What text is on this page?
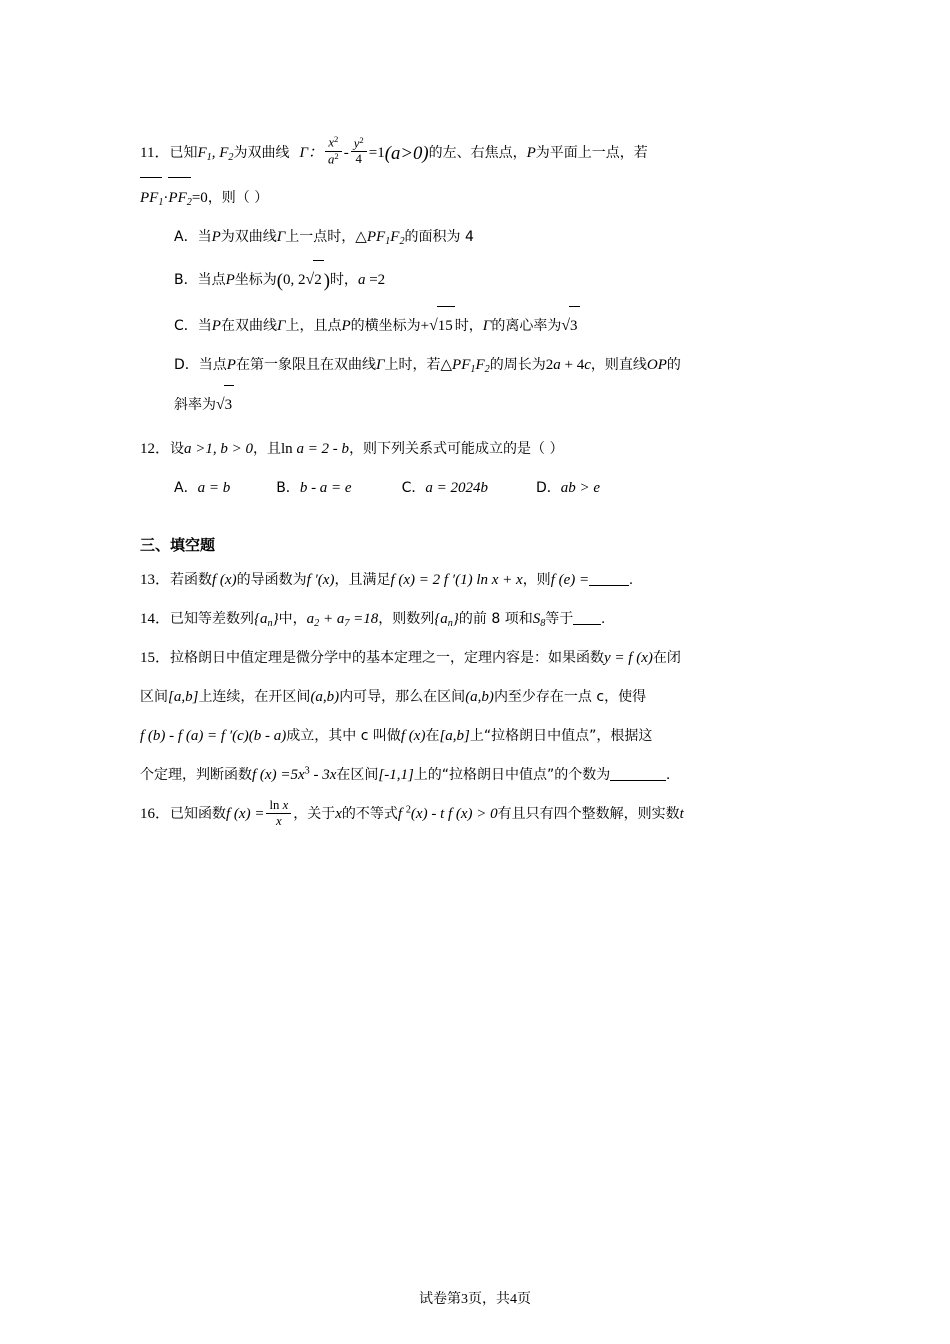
11．已知$F_1$, $F_2$为双曲线 Γ： $\frac{x^2}{a^2} - \frac{y^2}{4} =1(a>0)$的左、右焦点，P为平面上一点，若
$PF_1\cdot PF_2=0$，则（ ）
A．当P为双曲线Γ上一点时，$\triangle PF_1F_2$的面积为 4
B．当点P坐标为(0, 2√2 )时，a =2
C．当P在双曲线Γ上，且点P的横坐标为+√15 时，Γ的离心率为√3
D．当点P在第一象限且在双曲线Γ上时，若$\triangle PF_1F_2$的周长为2a + 4c，则直线OP的
斜率为√3
12．设a >1, b > 0，且ln a = 2 - b，则下列关系式可能成立的是（ ）
A．a = b	B．b - a = e	C．a = 2024b	D．ab > e
三、填空题
13．若函数f (x)的导函数为f ′(x)，且满足f (x) = 2 f ′(1) ln x + x，则f (e) =	.
14．已知等差数列$\{a_n\}$中，$a_2 + a_7 =18$，则数列$\{a_n\}$的前 8 项和$S_8$等于 .
15．拉格朗日中值定理是微分学中的基本定理之一，定理内容是：如果函数y = f (x)在闭
区间[a,b]上连续，在开区间(a,b)内可导，那么在区间(a,b)内至少存在一点 c，使得
f (b) - f (a) = f ′(c)(b - a)成立，其中 c 叫做f (x)在[a,b]上“拉格朗日中值点”，根据这
个定理，判断函数f $(x) =5x^3 - 3x$在区间[-1,1]上的“拉格朗日中值点”的个数为	.
16．已知函数f $(x) = \frac{\text{ln x}}{x}$ ，关于x的不等式f $^2$(x) - t f (x) > 0有且只有四个整数解，则实数t
试卷第3页，共4页
